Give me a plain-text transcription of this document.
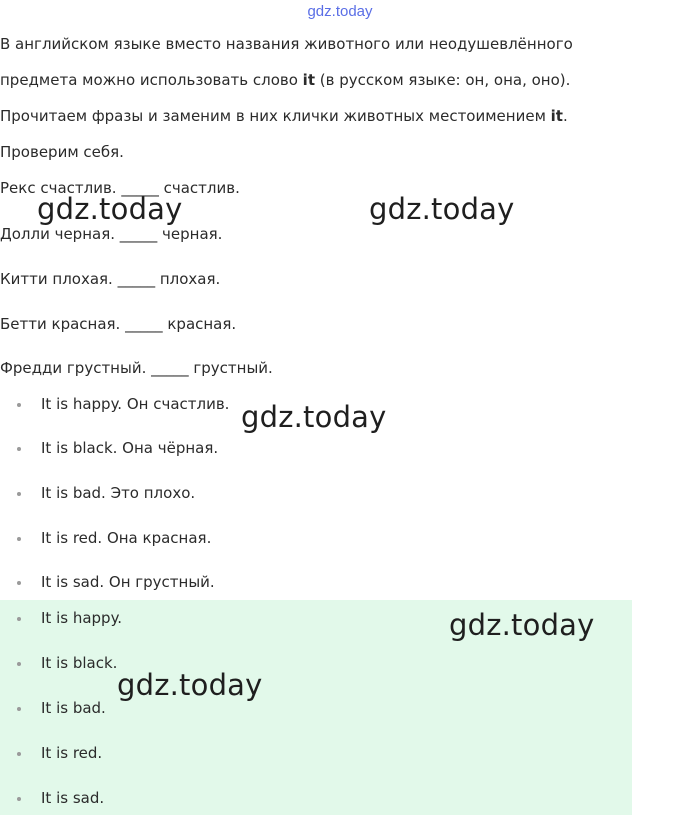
gdz.today
В английском языке вместо названия животного или неодушевлённого
предмета можно использовать слово it (в русском языке: он, она, оно).
Прочитаем фразы и заменим в них клички животных местоимением it.
Проверим себя.
Рекс счастлив. _____ счастлив.
Долли черная. _____ черная.
Китти плохая. _____ плохая.
Бетти красная. _____ красная.
Фредди грустный. _____ грустный.
It is happy. Он счастлив.
It is black. Она чёрная.
It is bad. Это плохо.
It is red. Она красная.
It is sad. Он грустный.
It is happy.
It is black.
It is bad.
It is red.
It is sad.
gdz.today	gdz.today
gdz.today
gdz.today
gdz.today
